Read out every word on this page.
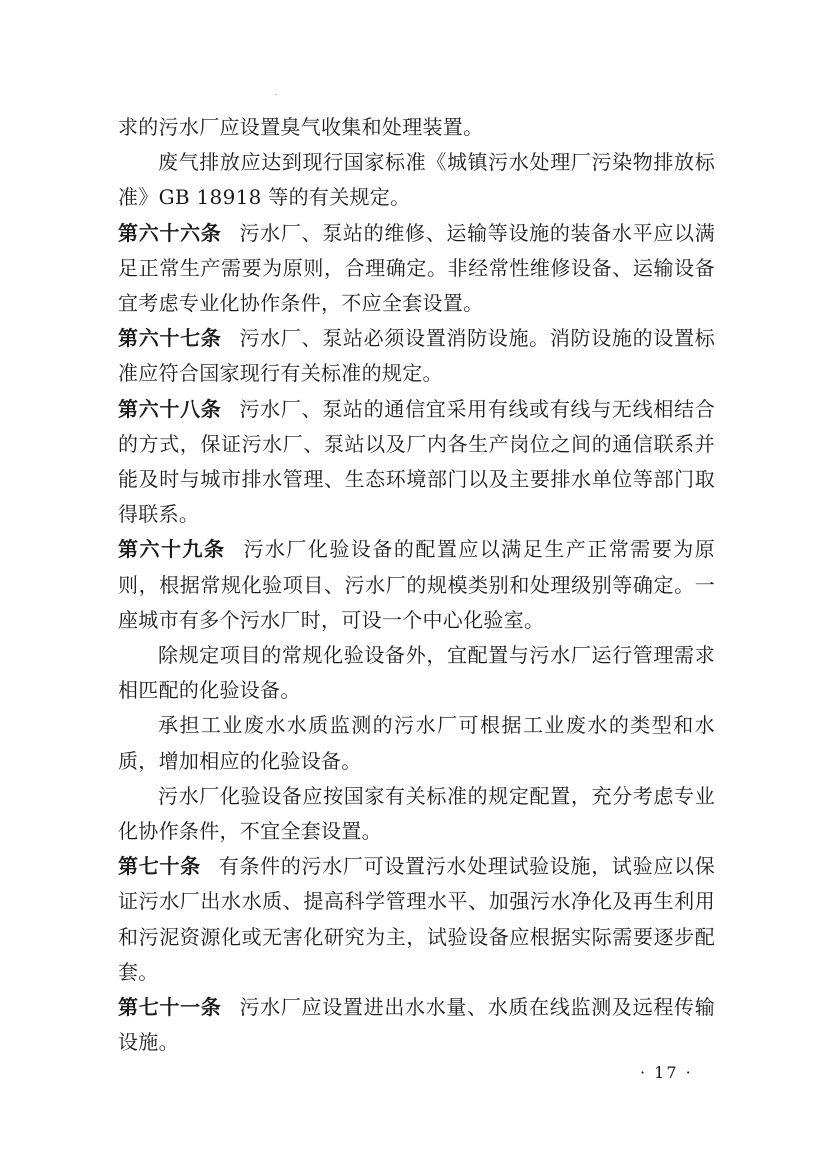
求的污水厂应设置臭气收集和处理装置。

废气排放应达到现行国家标准《城镇污水处理厂污染物排放标准》GB 18918 等的有关规定。

第六十六条 污水厂、泵站的维修、运输等设施的装备水平应以满足正常生产需要为原则，合理确定。非经常性维修设备、运输设备宜考虑专业化协作条件，不应全套设置。

第六十七条 污水厂、泵站必须设置消防设施。消防设施的设置标准应符合国家现行有关标准的规定。

第六十八条 污水厂、泵站的通信宜采用有线或有线与无线相结合的方式，保证污水厂、泵站以及厂内各生产岗位之间的通信联系并能及时与城市排水管理、生态环境部门以及主要排水单位等部门取得联系。

第六十九条 污水厂化验设备的配置应以满足生产正常需要为原则，根据常规化验项目、污水厂的规模类别和处理级别等确定。一座城市有多个污水厂时，可设一个中心化验室。

除规定项目的常规化验设备外，宜配置与污水厂运行管理需求相匹配的化验设备。

承担工业废水水质监测的污水厂可根据工业废水的类型和水质，增加相应的化验设备。

污水厂化验设备应按国家有关标准的规定配置，充分考虑专业化协作条件，不宜全套设置。

第七十条 有条件的污水厂可设置污水处理试验设施，试验应以保证污水厂出水水质、提高科学管理水平、加强污水净化及再生利用和污泥资源化或无害化研究为主，试验设备应根据实际需要逐步配套。

第七十一条 污水厂应设置进出水水量、水质在线监测及远程传输设施。

· 17 ·
